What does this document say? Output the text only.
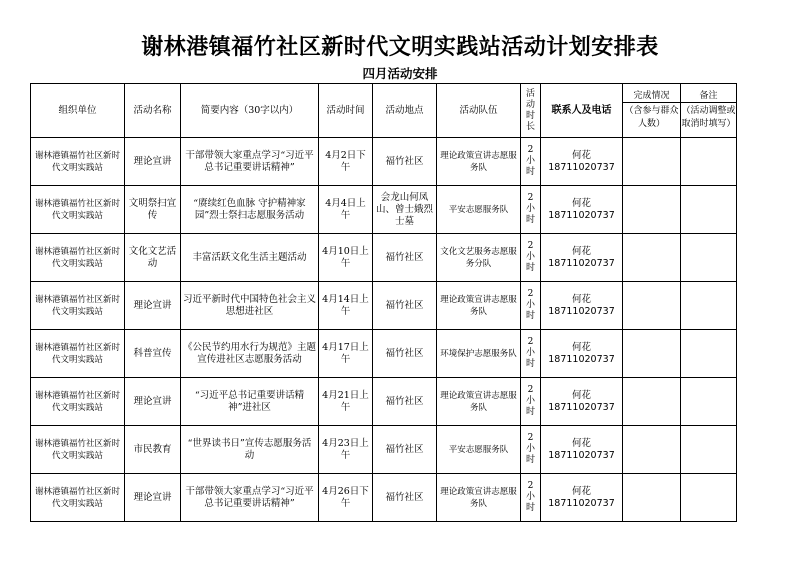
谢林港镇福竹社区新时代文明实践站活动计划安排表
四月活动安排
组织单位	活动名称	简要内容（30字以内）	活动时间	活动地点	活动队伍	活动时长	联系人及电话	完成情况
（含参与群众人数）	备注
（活动调整或取消时填写）

谢林港镇福竹社区新时代文明实践站	理论宣讲	干部带领大家重点学习“习近平总书记重要讲话精神”	4月2日下午	福竹社区	理论政策宣讲志愿服务队	2小时	何花
18711020737		

谢林港镇福竹社区新时代文明实践站	文明祭扫宣传	“赓续红色血脉 守护精神家园”烈士祭扫志愿服务活动	4月4日上午	会龙山何凤山、曾士娥烈士墓	平安志愿服务队	2小时	何花
18711020737		

谢林港镇福竹社区新时代文明实践站	文化文艺活动	丰富活跃文化生活主题活动	4月10日上午	福竹社区	文化文艺服务志愿服务分队	2小时	何花
18711020737		

谢林港镇福竹社区新时代文明实践站	理论宣讲	习近平新时代中国特色社会主义思想进社区	4月14日上午	福竹社区	理论政策宣讲志愿服务队	2小时	何花
18711020737		

谢林港镇福竹社区新时代文明实践站	科普宣传	《公民节约用水行为规范》主题宣传进社区志愿服务活动	4月17日上午	福竹社区	环境保护志愿服务队	2小时	何花
18711020737		

谢林港镇福竹社区新时代文明实践站	理论宣讲	“习近平总书记重要讲话精神”进社区	4月21日上午	福竹社区	理论政策宣讲志愿服务队	2小时	何花
18711020737		

谢林港镇福竹社区新时代文明实践站	市民教育	“世界读书日”宣传志愿服务活动	4月23日上午	福竹社区	平安志愿服务队	2小时	何花
18711020737		

谢林港镇福竹社区新时代文明实践站	理论宣讲	干部带领大家重点学习“习近平总书记重要讲话精神”	4月26日下午	福竹社区	理论政策宣讲志愿服务队	2小时	何花
18711020737		
